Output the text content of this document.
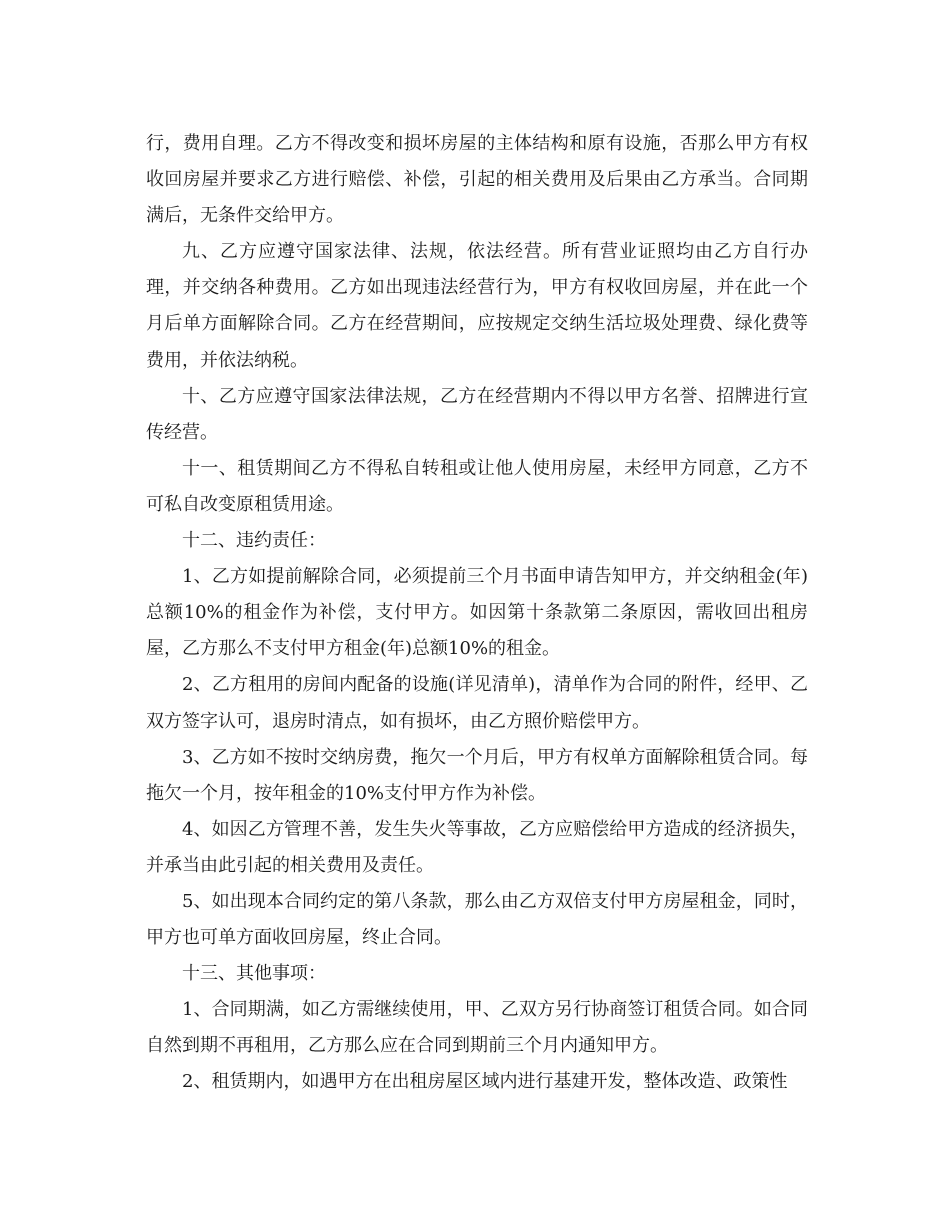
行，费用自理。乙方不得改变和损坏房屋的主体结构和原有设施，否那么甲方有权收回房屋并要求乙方进行赔偿、补偿，引起的相关费用及后果由乙方承当。合同期满后，无条件交给甲方。

九、乙方应遵守国家法律、法规，依法经营。所有营业证照均由乙方自行办理，并交纳各种费用。乙方如出现违法经营行为，甲方有权收回房屋，并在此一个月后单方面解除合同。乙方在经营期间，应按规定交纳生活垃圾处理费、绿化费等费用，并依法纳税。

十、乙方应遵守国家法律法规，乙方在经营期内不得以甲方名誉、招牌进行宣传经营。

十一、租赁期间乙方不得私自转租或让他人使用房屋，未经甲方同意，乙方不可私自改变原租赁用途。

十二、违约责任：

1、乙方如提前解除合同，必须提前三个月书面申请告知甲方，并交纳租金(年)总额10%的租金作为补偿，支付甲方。如因第十条款第二条原因，需收回出租房屋，乙方那么不支付甲方租金(年)总额10%的租金。

2、乙方租用的房间内配备的设施(详见清单)，清单作为合同的附件，经甲、乙双方签字认可，退房时清点，如有损坏，由乙方照价赔偿甲方。

3、乙方如不按时交纳房费，拖欠一个月后，甲方有权单方面解除租赁合同。每拖欠一个月，按年租金的10%支付甲方作为补偿。

4、如因乙方管理不善，发生失火等事故，乙方应赔偿给甲方造成的经济损失，并承当由此引起的相关费用及责任。

5、如出现本合同约定的第八条款，那么由乙方双倍支付甲方房屋租金，同时，甲方也可单方面收回房屋，终止合同。

十三、其他事项：

1、合同期满，如乙方需继续使用，甲、乙双方另行协商签订租赁合同。如合同自然到期不再租用，乙方那么应在合同到期前三个月内通知甲方。

2、租赁期内，如遇甲方在出租房屋区域内进行基建开发，整体改造、政策性
